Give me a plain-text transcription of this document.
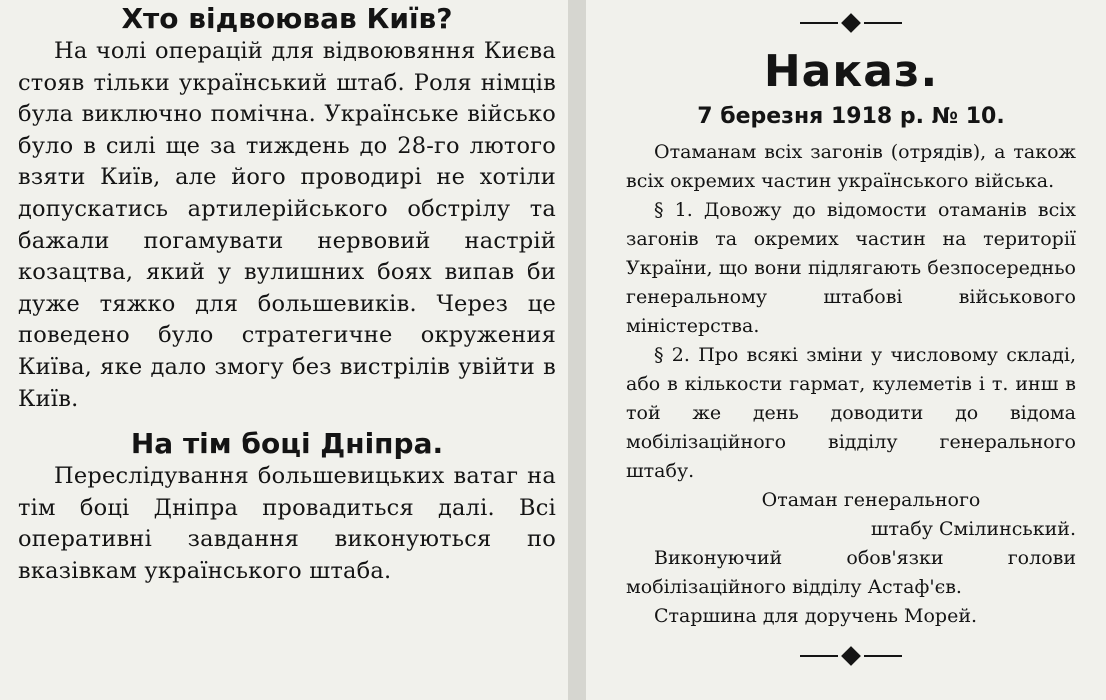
Хто відвоював Київ?

На чолі операцій для відвоювяння Києва стояв тільки український штаб. Роля німців була виключно помічна. Українське військо було в силі ще за тиждень до 28-го лютого взяти Київ, але його проводирі не хотіли допускатись артилерійського обстрілу та бажали погамувати нервовий настрій козацтва, який у вулишних боях випав би дуже тяжко для большевиків. Через це поведено було стратегичне окружения Київа, яке дало змогу без вистрілів увійти в Київ.

На тім боці Дніпра.

Переслідування большевицьких ватаг на тім боці Дніпра провадиться далі. Всі оперативні завдання виконуються по вказівкам українського штаба.

Наказ.
7 березня 1918 р. № 10.

Отаманам всіх загонів (отрядів), а також всіх окремих частин українського війська.

§ 1. Довожу до відомости отаманів всіх загонів та окремих частин на території України, що вони підлягають безпосередньо генеральному штабові військового міністерства.

§ 2. Про всякі зміни у числовому складі, або в кількости гармат, кулеметів і т. инш в той же день доводити до відома мобілізаційного відділу генерального штабу.

Отаман генерального

штабу Смілинський.

Виконуючий обов'язки голови мобілізаційного відділу Астаф'єв.

Старшина для доручень Морей.
